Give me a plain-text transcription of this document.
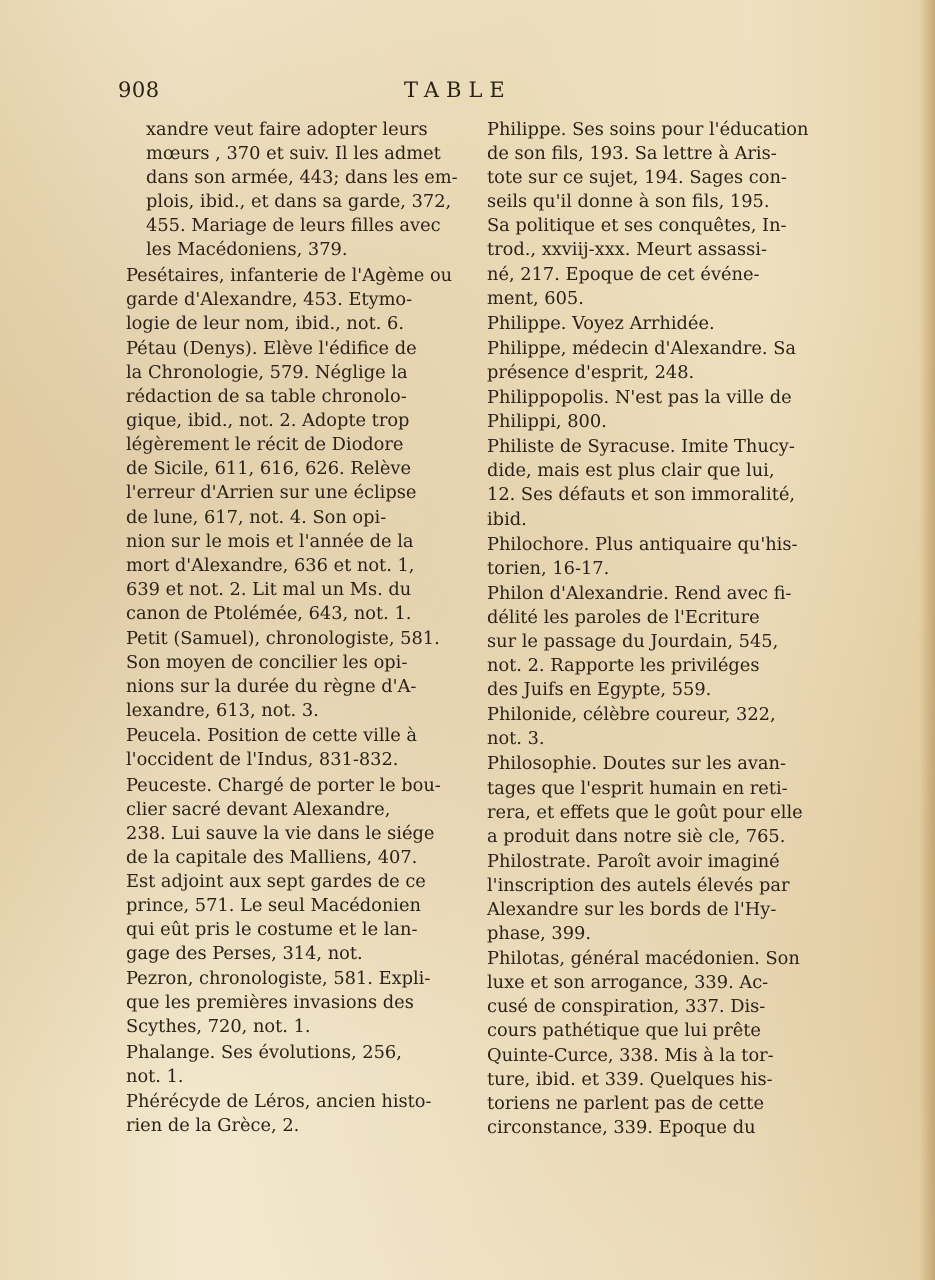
908	TABLE
xandre veut faire adopter leurs
mœurs , 370 et suiv. Il les admet
dans son armée, 443; dans les em-
plois, ibid., et dans sa garde, 372,
455. Mariage de leurs filles avec
les Macédoniens, 379.
Pesétaires, infanterie de l'Agème ou
garde d'Alexandre, 453. Etymo-
logie de leur nom, ibid., not. 6.
Pétau (Denys). Elève l'édifice de
la Chronologie, 579. Néglige la
rédaction de sa table chronolo-
gique, ibid., not. 2. Adopte trop
légèrement le récit de Diodore
de Sicile, 611, 616, 626. Relève
l'erreur d'Arrien sur une éclipse
de lune, 617, not. 4. Son opi-
nion sur le mois et l'année de la
mort d'Alexandre, 636 et not. 1,
639 et not. 2. Lit mal un Ms. du
canon de Ptolémée, 643, not. 1.
Petit (Samuel), chronologiste, 581.
Son moyen de concilier les opi-
nions sur la durée du règne d'A-
lexandre, 613, not. 3.
Peucela. Position de cette ville à
l'occident de l'Indus, 831-832.
Peuceste. Chargé de porter le bou-
clier sacré devant Alexandre,
238. Lui sauve la vie dans le siége
de la capitale des Malliens, 407.
Est adjoint aux sept gardes de ce
prince, 571. Le seul Macédonien
qui eût pris le costume et le lan-
gage des Perses, 314, not.
Pezron, chronologiste, 581. Expli-
que les premières invasions des
Scythes, 720, not. 1.
Phalange. Ses évolutions, 256,
not. 1.
Phérécyde de Léros, ancien histo-
rien de la Grèce, 2.
Philippe. Ses soins pour l'éducation
de son fils, 193. Sa lettre à Aris-
tote sur ce sujet, 194. Sages con-
seils qu'il donne à son fils, 195.
Sa politique et ses conquêtes, In-
trod., xxviij-xxx. Meurt assassi-
né, 217. Epoque de cet événe-
ment, 605.
Philippe. Voyez Arrhidée.
Philippe, médecin d'Alexandre. Sa
présence d'esprit, 248.
Philippopolis. N'est pas la ville de
Philippi, 800.
Philiste de Syracuse. Imite Thucy-
dide, mais est plus clair que lui,
12. Ses défauts et son immoralité,
ibid.
Philochore. Plus antiquaire qu'his-
torien, 16-17.
Philon d'Alexandrie. Rend avec fi-
délité les paroles de l'Ecriture
sur le passage du Jourdain, 545,
not. 2. Rapporte les priviléges
des Juifs en Egypte, 559.
Philonide, célèbre coureur, 322,
not. 3.
Philosophie. Doutes sur les avan-
tages que l'esprit humain en reti-
rera, et effets que le goût pour elle
a produit dans notre siè cle, 765.
Philostrate. Paroît avoir imaginé
l'inscription des autels élevés par
Alexandre sur les bords de l'Hy-
phase, 399.
Philotas, général macédonien. Son
luxe et son arrogance, 339. Ac-
cusé de conspiration, 337. Dis-
cours pathétique que lui prête
Quinte-Curce, 338. Mis à la tor-
ture, ibid. et 339. Quelques his-
toriens ne parlent pas de cette
circonstance, 339. Epoque du
